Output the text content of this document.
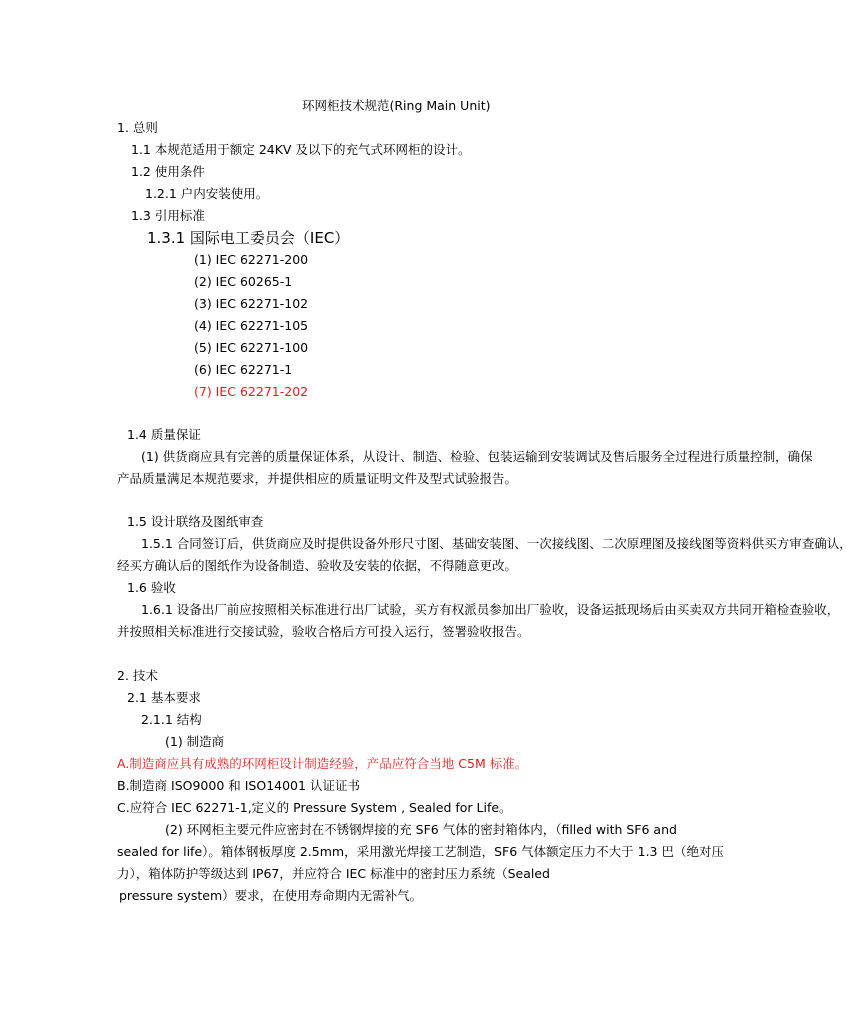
环网柜技术规范(Ring Main Unit)

1. 总则

1.1 本规范适用于额定 24KV 及以下的充气式环网柜的设计。

1.2 使用条件

1.2.1 户内安装使用。

1.3 引用标准

1.3.1 国际电工委员会（IEC）

(1) IEC 62271-200

(2) IEC 60265-1

(3) IEC 62271-102

(4) IEC 62271-105

(5) IEC 62271-100

(6) IEC 62271-1

(7) IEC 62271-202

1.4 质量保证

(1) 供货商应具有完善的质量保证体系，从设计、制造、检验、包装运输到安装调试及售后服务全过程进行质量控制，确保

产品质量满足本规范要求，并提供相应的质量证明文件及型式试验报告。

1.5 设计联络及图纸审查

1.5.1 合同签订后，供货商应及时提供设备外形尺寸图、基础安装图、一次接线图、二次原理图及接线图等资料供买方审查确认，

经买方确认后的图纸作为设备制造、验收及安装的依据，不得随意更改。

1.6 验收

1.6.1 设备出厂前应按照相关标准进行出厂试验，买方有权派员参加出厂验收，设备运抵现场后由买卖双方共同开箱检查验收，

并按照相关标准进行交接试验，验收合格后方可投入运行，签署验收报告。

2. 技术

2.1 基本要求

2.1.1 结构

(1) 制造商

A.制造商应具有成熟的环网柜设计制造经验，产品应符合当地 C5M 标准。

B.制造商 ISO9000 和 ISO14001 认证证书

C.应符合 IEC 62271-1,定义的 Pressure System , Sealed for Life。

(2) 环网柜主要元件应密封在不锈钢焊接的充 SF6 气体的密封箱体内，（filled with SF6 and

sealed for life）。箱体钢板厚度 2.5mm，采用激光焊接工艺制造，SF6 气体额定压力不大于 1.3 巴（绝对压

力），箱体防护等级达到 IP67，并应符合 IEC 标准中的密封压力系统（Sealed

pressure system）要求，在使用寿命期内无需补气。
